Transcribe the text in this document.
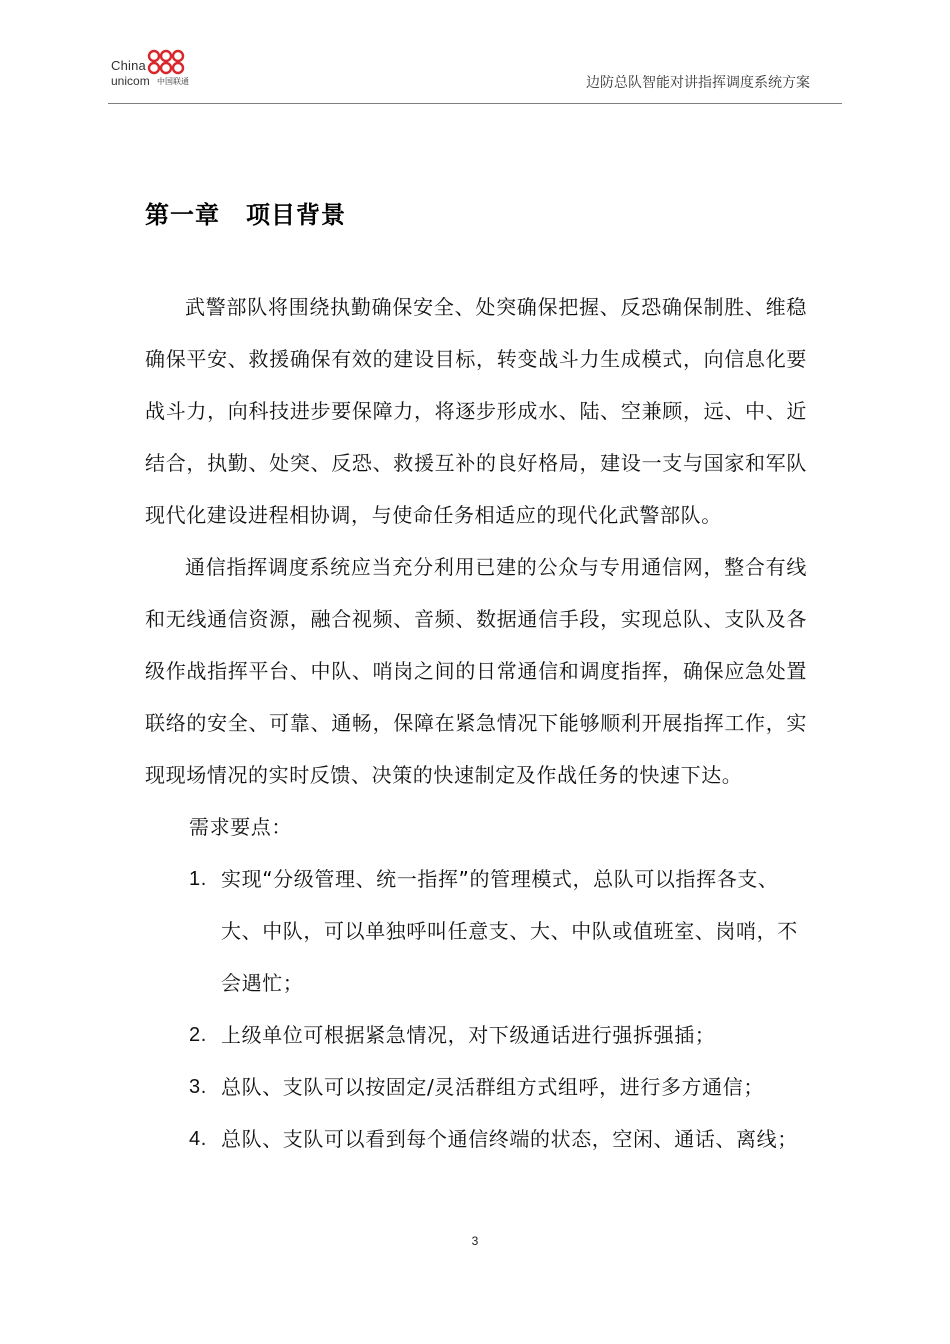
China
unicom 中国联通	边防总队智能对讲指挥调度系统方案
第一章 项目背景

武警部队将围绕执勤确保安全、处突确保把握、反恐确保制胜、维稳确保平安、救援确保有效的建设目标，转变战斗力生成模式，向信息化要战斗力，向科技进步要保障力，将逐步形成水、陆、空兼顾，远、中、近结合，执勤、处突、反恐、救援互补的良好格局，建设一支与国家和军队现代化建设进程相协调，与使命任务相适应的现代化武警部队。

通信指挥调度系统应当充分利用已建的公众与专用通信网，整合有线和无线通信资源，融合视频、音频、数据通信手段，实现总队、支队及各级作战指挥平台、中队、哨岗之间的日常通信和调度指挥，确保应急处置联络的安全、可靠、通畅，保障在紧急情况下能够顺利开展指挥工作，实现现场情况的实时反馈、决策的快速制定及作战任务的快速下达。

需求要点：

1. 实现“分级管理、统一指挥”的管理模式，总队可以指挥各支、大、中队，可以单独呼叫任意支、大、中队或值班室、岗哨，不会遇忙；
2. 上级单位可根据紧急情况，对下级通话进行强拆强插；
3. 总队、支队可以按固定/灵活群组方式组呼，进行多方通信；
4. 总队、支队可以看到每个通信终端的状态，空闲、通话、离线；
3
